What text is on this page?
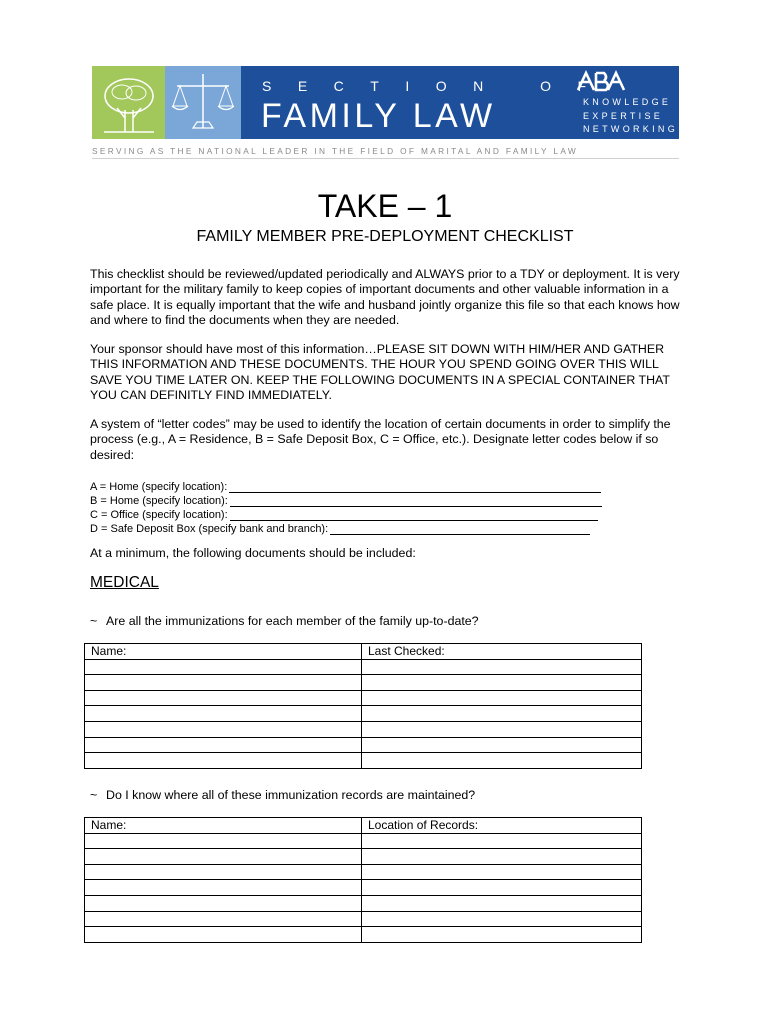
SECTION OF
FAMILY LAW	KNOWLEDGE
EXPERTISE
NETWORKING
SERVING AS THE NATIONAL LEADER IN THE FIELD OF MARITAL AND FAMILY LAW
TAKE – 1
FAMILY MEMBER PRE-DEPLOYMENT CHECKLIST

This checklist should be reviewed/updated periodically and ALWAYS prior to a TDY or deployment. It is very important for the military family to keep copies of important documents and other valuable information in a safe place. It is equally important that the wife and husband jointly organize this file so that each knows how and where to find the documents when they are needed.

Your sponsor should have most of this information…PLEASE SIT DOWN WITH HIM/HER AND GATHER THIS INFORMATION AND THESE DOCUMENTS. THE HOUR YOU SPEND GOING OVER THIS WILL SAVE YOU TIME LATER ON. KEEP THE FOLLOWING DOCUMENTS IN A SPECIAL CONTAINER THAT YOU CAN DEFINITLY FIND IMMEDIATELY.

A system of “letter codes” may be used to identify the location of certain documents in order to simplify the process (e.g., A = Residence, B = Safe Deposit Box, C = Office, etc.). Designate letter codes below if so desired:

A = Home (specify location):
B = Home (specify location):
C = Office (specify location):
D = Safe Deposit Box (specify bank and branch):

At a minimum, the following documents should be included:

MEDICAL
~ Are all the immunizations for each member of the family up-to-date?
Name:	Last Checked:

~ Do I know where all of these immunization records are maintained?
Name:	Location of Records:
